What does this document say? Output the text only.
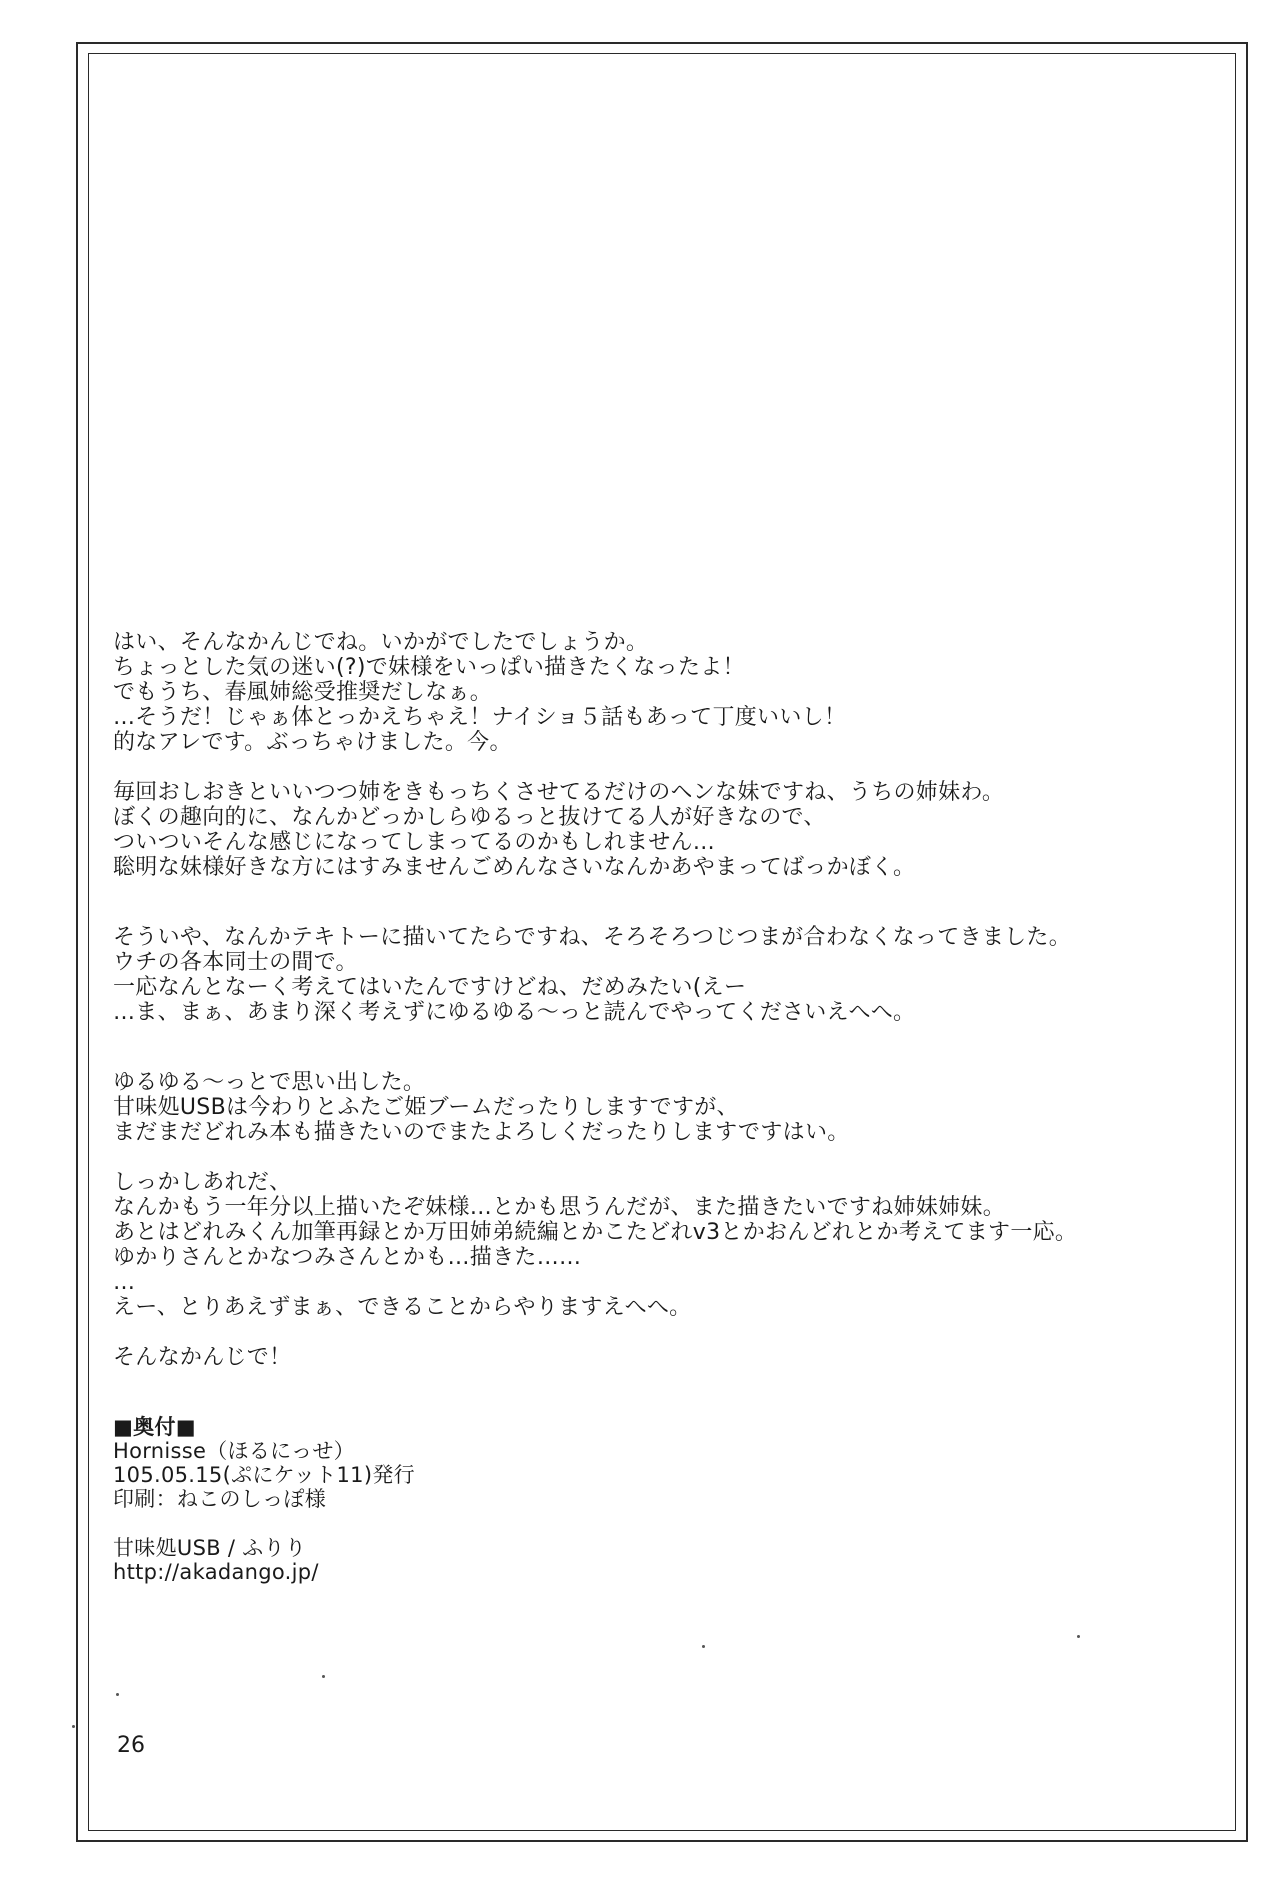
はい、そんなかんじでね。いかがでしたでしょうか。
ちょっとした気の迷い(?)で妹様をいっぱい描きたくなったよ！
でもうち、春風姉総受推奨だしなぁ。
…そうだ！じゃぁ体とっかえちゃえ！ナイショ５話もあって丁度いいし！
的なアレです。ぶっちゃけました。今。
毎回おしおきといいつつ姉をきもっちくさせてるだけのヘンな妹ですね、うちの姉妹わ。
ぼくの趣向的に、なんかどっかしらゆるっと抜けてる人が好きなので、
ついついそんな感じになってしまってるのかもしれません…
聡明な妹様好きな方にはすみませんごめんなさいなんかあやまってばっかぼく。
そういや、なんかテキトーに描いてたらですね、そろそろつじつまが合わなくなってきました。
ウチの各本同士の間で。
一応なんとなーく考えてはいたんですけどね、だめみたい(えー
…ま、まぁ、あまり深く考えずにゆるゆる～っと読んでやってくださいえへへ。
ゆるゆる～っとで思い出した。
甘味処USBは今わりとふたご姫ブームだったりしますですが、
まだまだどれみ本も描きたいのでまたよろしくだったりしますですはい。
しっかしあれだ、
なんかもう一年分以上描いたぞ妹様…とかも思うんだが、また描きたいですね姉妹姉妹。
あとはどれみくん加筆再録とか万田姉弟続編とかこたどれv3とかおんどれとか考えてます一応。
ゆかりさんとかなつみさんとかも…描きた……
…
えー、とりあえずまぁ、できることからやりますえへへ。
そんなかんじで！
■奥付■
Hornisse（ほるにっせ）
105.05.15(ぷにケット11)発行
印刷：ねこのしっぽ様
甘味処USB / ふりり
http://akadango.jp/
26
